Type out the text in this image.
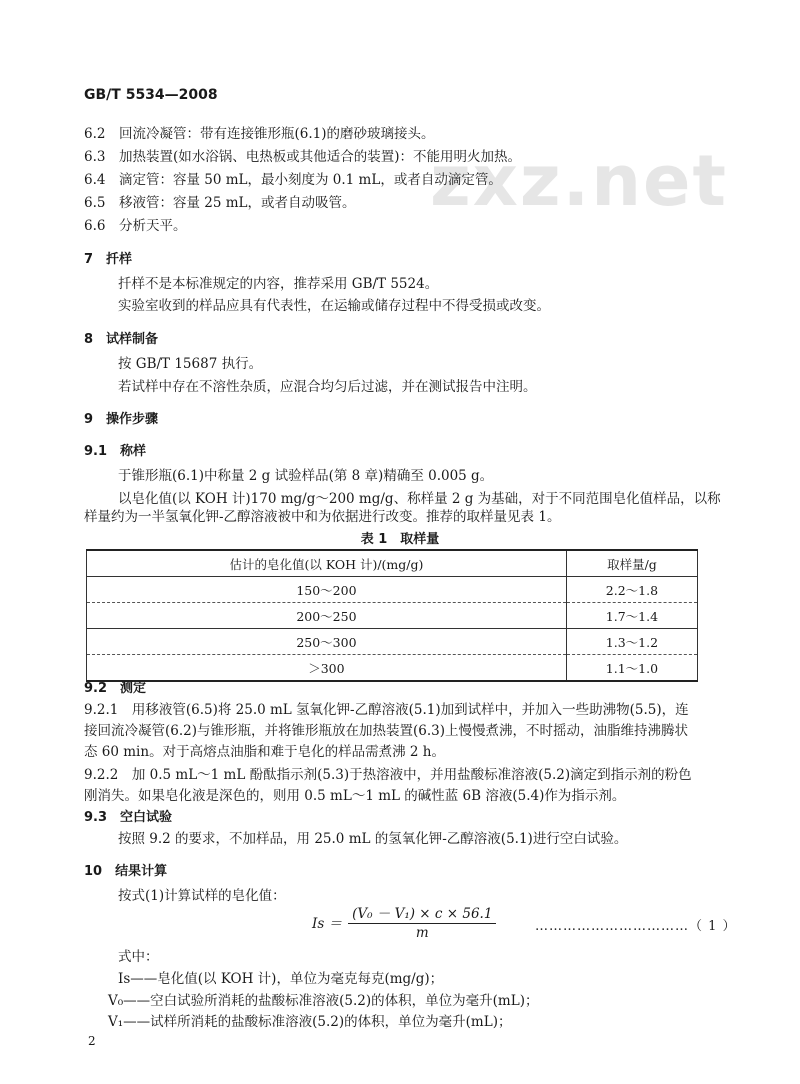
zxz.net
GB/T 5534—2008
6.2　回流冷凝管：带有连接锥形瓶(6.1)的磨砂玻璃接头。
6.3　加热装置(如水浴锅、电热板或其他适合的装置)：不能用明火加热。
6.4　滴定管：容量 50 mL，最小刻度为 0.1 mL，或者自动滴定管。
6.5　移液管：容量 25 mL，或者自动吸管。
6.6　分析天平。
7　扦样
扦样不是本标准规定的内容，推荐采用 GB/T 5524。
实验室收到的样品应具有代表性，在运输或储存过程中不得受损或改变。
8　试样制备
按 GB/T 15687 执行。
若试样中存在不溶性杂质，应混合均匀后过滤，并在测试报告中注明。
9　操作步骤
9.1　称样
于锥形瓶(6.1)中称量 2 g 试验样品(第 8 章)精确至 0.005 g。
以皂化值(以 KOH 计)170 mg/g～200 mg/g、称样量 2 g 为基础，对于不同范围皂化值样品，以称
样量约为一半氢氧化钾-乙醇溶液被中和为依据进行改变。推荐的取样量见表 1。
表 1　取样量
估计的皂化值(以 KOH 计)/(mg/g)	取样量/g
150～200	2.2～1.8
200～250	1.7～1.4
250～300	1.3～1.2
＞300	1.1～1.0
9.2　测定
9.2.1　用移液管(6.5)将 25.0 mL 氢氧化钾-乙醇溶液(5.1)加到试样中，并加入一些助沸物(5.5)，连
接回流冷凝管(6.2)与锥形瓶，并将锥形瓶放在加热装置(6.3)上慢慢煮沸，不时摇动，油脂维持沸腾状
态 60 min。对于高熔点油脂和难于皂化的样品需煮沸 2 h。
9.2.2　加 0.5 mL～1 mL 酚酞指示剂(5.3)于热溶液中，并用盐酸标准溶液(5.2)滴定到指示剂的粉色
刚消失。如果皂化液是深色的，则用 0.5 mL～1 mL 的碱性蓝 6B 溶液(5.4)作为指示剂。
9.3　空白试验
按照 9.2 的要求，不加样品，用 25.0 mL 的氢氧化钾-乙醇溶液(5.1)进行空白试验。
10　结果计算
按式(1)计算试样的皂化值：
$Is = \frac{\text{(V₀ － V₁) × c × 56.1}}{m}$	……………………………（ 1 ）
式中：
Is——皂化值(以 KOH 计)，单位为毫克每克(mg/g)；
V₀——空白试验所消耗的盐酸标准溶液(5.2)的体积，单位为毫升(mL)；
V₁——试样所消耗的盐酸标准溶液(5.2)的体积，单位为毫升(mL)；
2
